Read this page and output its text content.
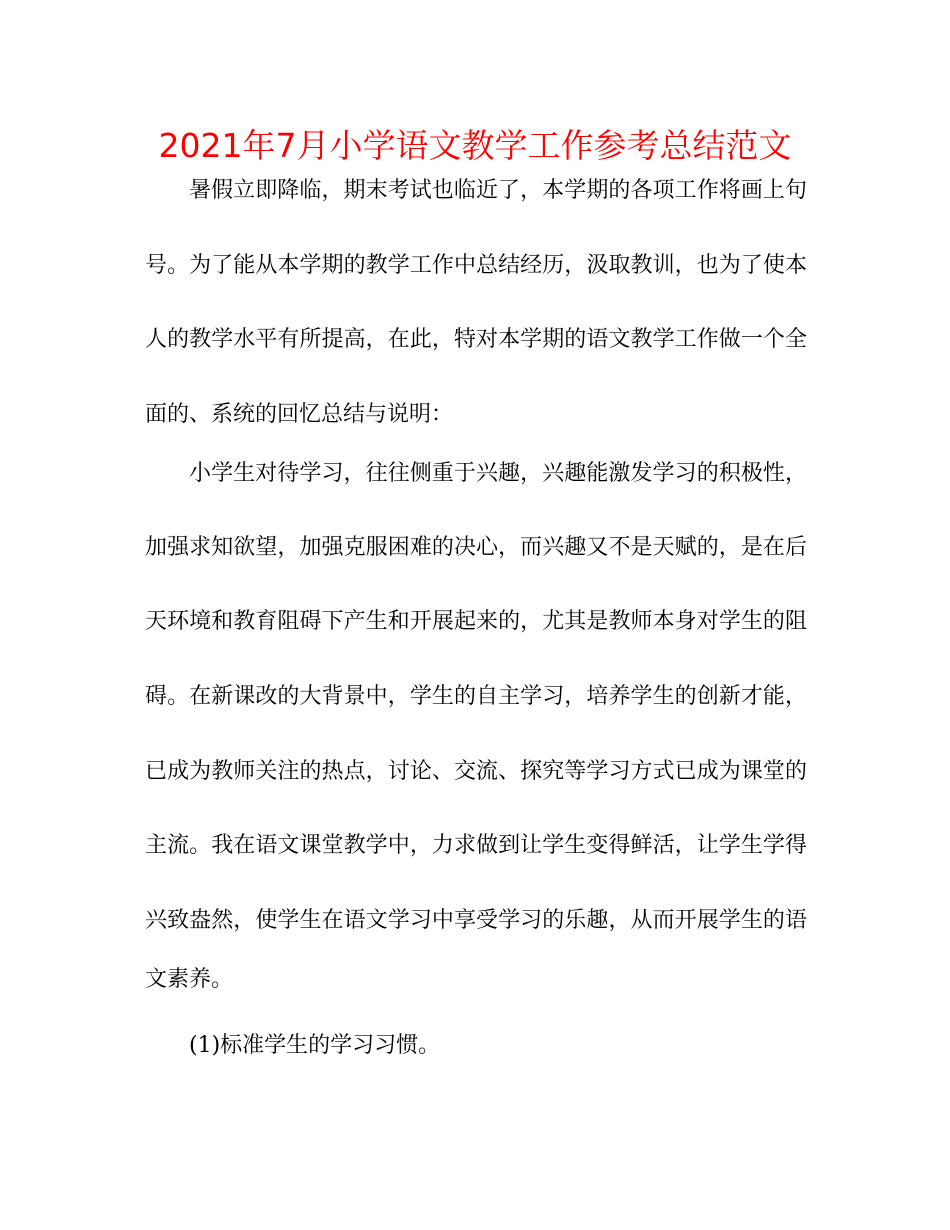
2021年7月小学语文教学工作参考总结范文
暑假立即降临，期末考试也临近了，本学期的各项工作将画上句
号。为了能从本学期的教学工作中总结经历，汲取教训，也为了使本
人的教学水平有所提高，在此，特对本学期的语文教学工作做一个全
面的、系统的回忆总结与说明：
小学生对待学习，往往侧重于兴趣，兴趣能激发学习的积极性，
加强求知欲望，加强克服困难的决心，而兴趣又不是天赋的，是在后
天环境和教育阻碍下产生和开展起来的，尤其是教师本身对学生的阻
碍。在新课改的大背景中，学生的自主学习，培养学生的创新才能，
已成为教师关注的热点，讨论、交流、探究等学习方式已成为课堂的
主流。我在语文课堂教学中，力求做到让学生变得鲜活，让学生学得
兴致盎然，使学生在语文学习中享受学习的乐趣，从而开展学生的语
文素养。
(1)标准学生的学习习惯。
